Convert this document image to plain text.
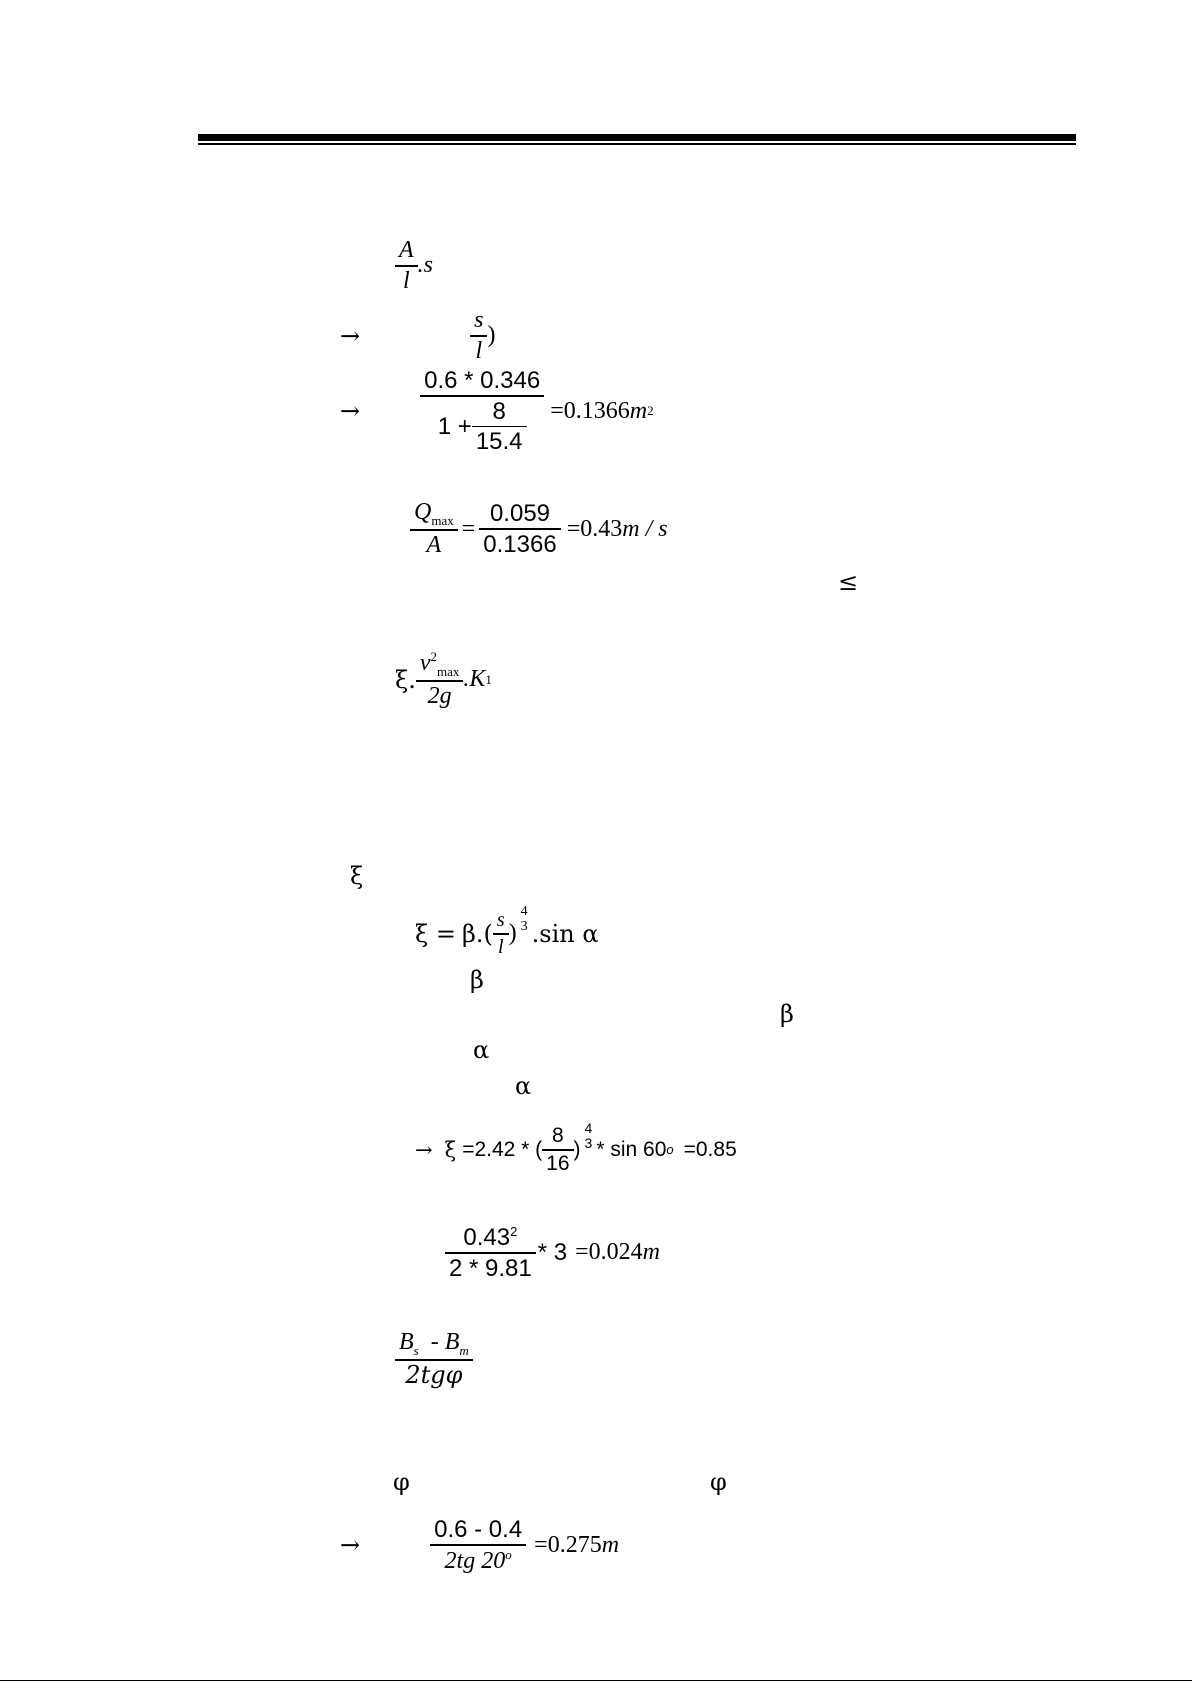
$\frac{A}{l} .s$
→	$\frac{s}{l}$ )
→	$\frac{0.6 * 0.346}{1 + \frac{8}{15.4}} =0.1366$ m 2
$\frac{Q_{max}}{A} = \frac{0.059}{0.1366} =0.43$ m / s
≤
ξ. $\frac{v^2_{max}}{2g} .K$ 1
ξ
$\xi = \beta.( \frac{s}{l}$ )
4
3 .sin α
β
β
α
α
→ ξ =2.42 * ( $\frac{8}{16}$ )
4
3 * sin 60 o =0.85
$\frac{0.43^2}{2 * 9.81} * 3 =0.024$ m
$\frac{B_s - B_m}{\text{2tgφ}}$
φ	φ
→	$\frac{0.6 - 0.4}{2tg 20^o} =0.275$ m
